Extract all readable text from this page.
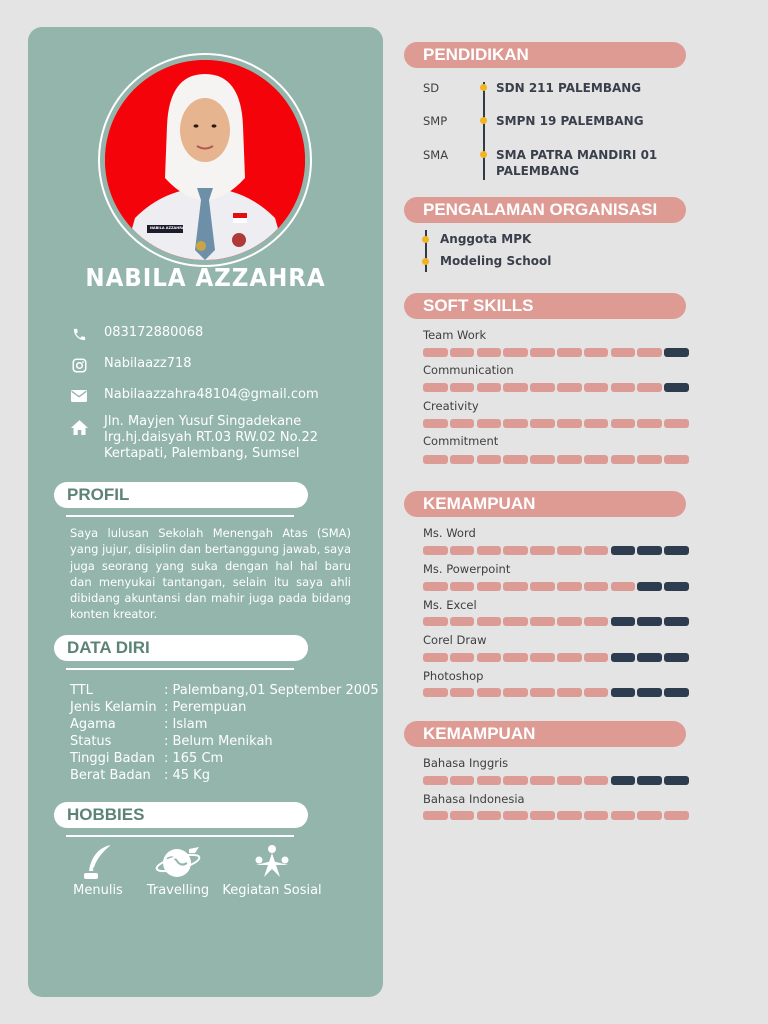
NABILA AZZAHRA
NABILA AZZAHRA
083172880068
Nabilaazz718
Nabilaazzahra48104@gmail.com
Jln. Mayjen Yusuf Singadekane
Irg.hj.daisyah RT.03 RW.02 No.22
Kertapati, Palembang, Sumsel
PROFIL
Saya lulusan Sekolah Menengah Atas (SMA) yang jujur, disiplin dan bertanggung jawab, saya juga seorang yang suka dengan hal hal baru dan menyukai tantangan, selain itu saya ahli dibidang akuntansi dan mahir juga pada bidang konten kreator.
DATA DIRI
TTL	: Palembang,01 September 2005
Jenis Kelamin : Perempuan
Agama	: Islam
Status	: Belum Menikah
Tinggi Badan : 165 Cm
Berat Badan	: 45 Kg
HOBBIES
Menulis	Travelling	Kegiatan Sosial
PENDIDIKAN
SD	SDN 211 PALEMBANG
SMP	SMPN 19 PALEMBANG
SMA	SMA PATRA MANDIRI 01 PALEMBANG
PENGALAMAN ORGANISASI
Anggota MPK
Modeling School
SOFT SKILLS
Team Work
Communication
Creativity
Commitment
KEMAMPUAN
Ms. Word
Ms. Powerpoint
Ms. Excel
Corel Draw
Photoshop
KEMAMPUAN
Bahasa Inggris
Bahasa Indonesia
